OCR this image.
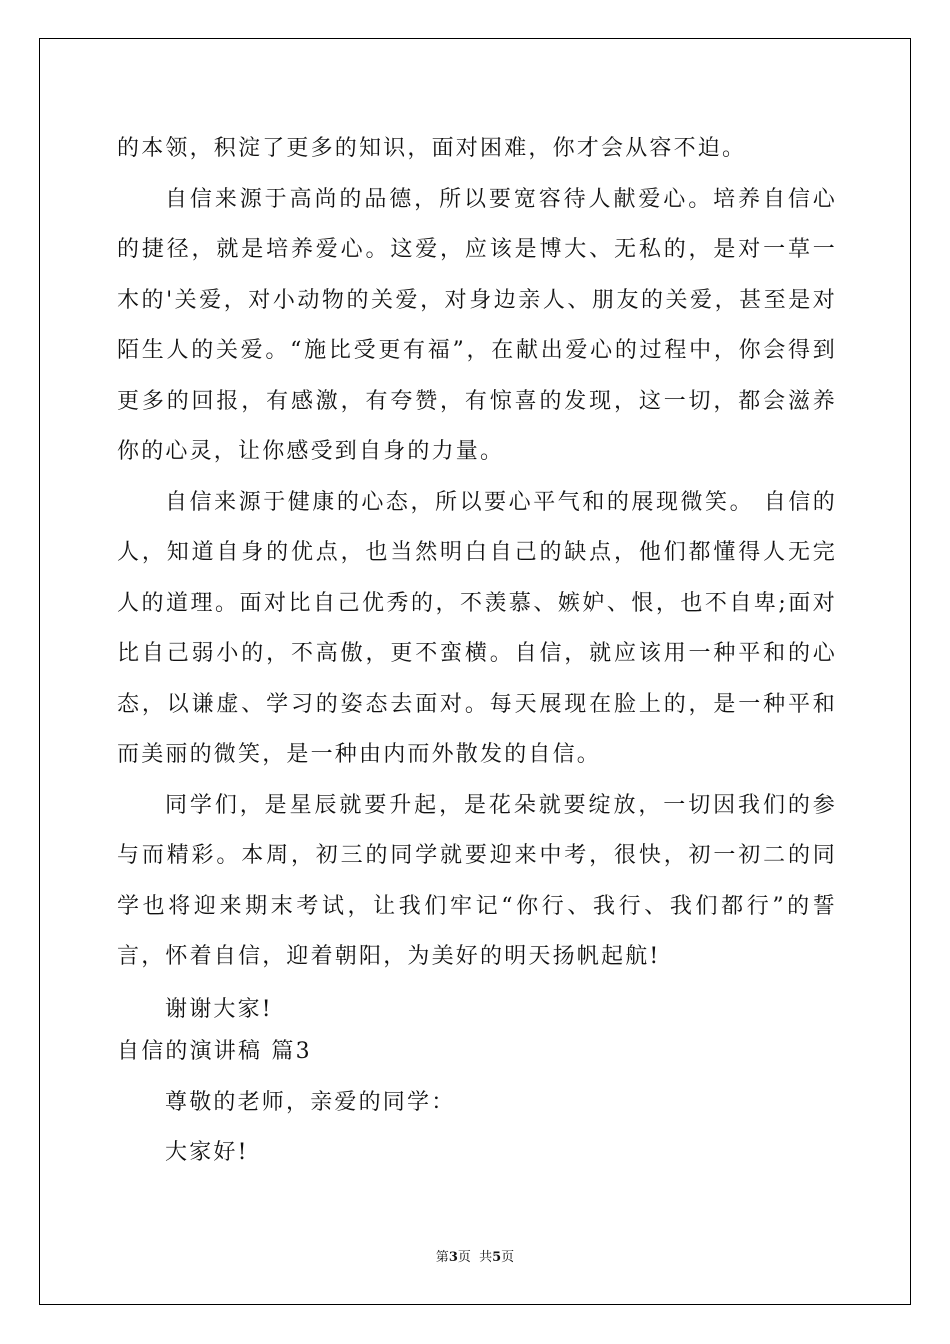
的本领，积淀了更多的知识，面对困难，你才会从容不迫。

自信来源于高尚的品德，所以要宽容待人献爱心。培养自信心的捷径，就是培养爱心。这爱，应该是博大、无私的，是对一草一木的'关爱，对小动物的关爱，对身边亲人、朋友的关爱，甚至是对陌生人的关爱。“施比受更有福”，在献出爱心的过程中，你会得到更多的回报，有感激，有夸赞，有惊喜的发现，这一切，都会滋养你的心灵，让你感受到自身的力量。

自信来源于健康的心态，所以要心平气和的展现微笑。 自信的人，知道自身的优点，也当然明白自己的缺点，他们都懂得人无完人的道理。面对比自己优秀的，不羡慕、嫉妒、恨，也不自卑;面对比自己弱小的，不高傲，更不蛮横。自信，就应该用一种平和的心态，以谦虚、学习的姿态去面对。每天展现在脸上的，是一种平和而美丽的微笑，是一种由内而外散发的自信。

同学们，是星辰就要升起，是花朵就要绽放，一切因我们的参与而精彩。本周，初三的同学就要迎来中考，很快，初一初二的同学也将迎来期末考试，让我们牢记“你行、我行、我们都行”的誓言，怀着自信，迎着朝阳，为美好的明天扬帆起航!

谢谢大家!

自信的演讲稿 篇3

尊敬的老师，亲爱的同学：

大家好!

第3页  共5页
